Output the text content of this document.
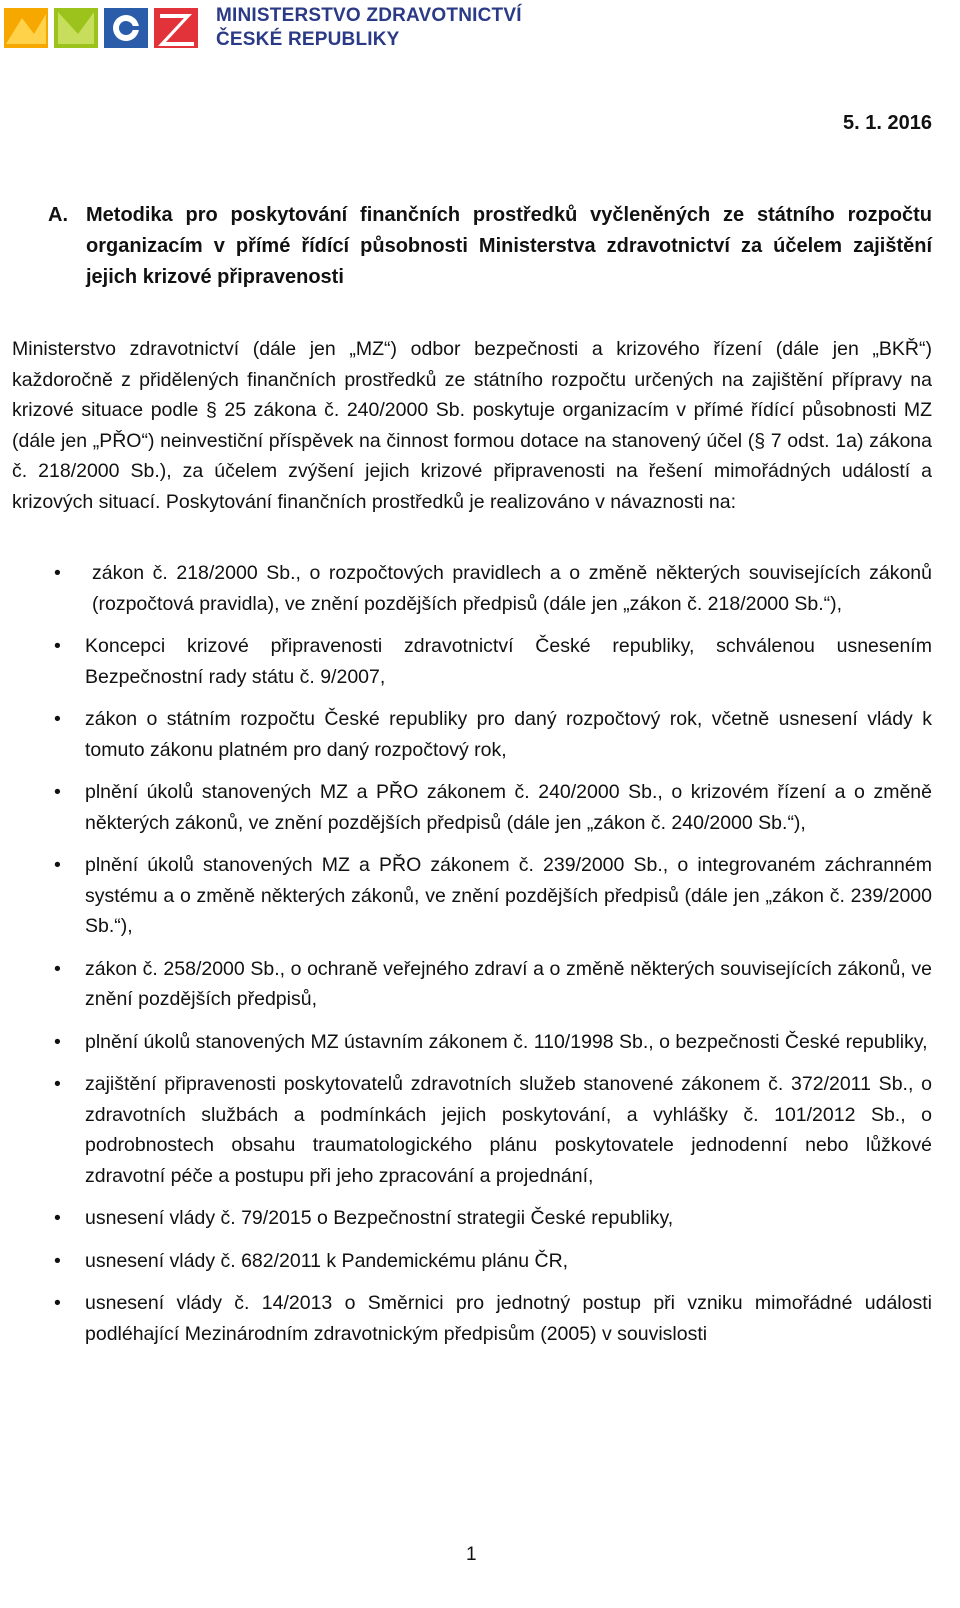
MINISTERSTVO ZDRAVOTNICTVÍ
ČESKÉ REPUBLIKY
5. 1. 2016
A. Metodika pro poskytování finančních prostředků vyčleněných ze státního rozpočtu organizacím v přímé řídící působnosti Ministerstva zdravotnictví za účelem zajištění jejich krizové připravenosti
Ministerstvo zdravotnictví (dále jen „MZ“) odbor bezpečnosti a krizového řízení (dále jen „BKŘ“) každoročně z přidělených finančních prostředků ze státního rozpočtu určených na zajištění přípravy na krizové situace podle § 25 zákona č. 240/2000 Sb. poskytuje organizacím v přímé řídící působnosti MZ (dále jen „PŘO“) neinvestiční příspěvek na činnost formou dotace na stanovený účel (§ 7 odst. 1a) zákona č. 218/2000 Sb.), za účelem zvýšení jejich krizové připravenosti na řešení mimořádných událostí a krizových situací. Poskytování finančních prostředků je realizováno v návaznosti na:
• zákon č. 218/2000 Sb., o rozpočtových pravidlech a o změně některých souvisejících zákonů (rozpočtová pravidla), ve znění pozdějších předpisů (dále jen „zákon č. 218/2000 Sb.“),
• Koncepci krizové připravenosti zdravotnictví České republiky, schválenou usnesením Bezpečnostní rady státu č. 9/2007,
• zákon o státním rozpočtu České republiky pro daný rozpočtový rok, včetně usnesení vlády k tomuto zákonu platném pro daný rozpočtový rok,
• plnění úkolů stanovených MZ a PŘO zákonem č. 240/2000 Sb., o krizovém řízení a o změně některých zákonů, ve znění pozdějších předpisů (dále jen „zákon č. 240/2000 Sb.“),
• plnění úkolů stanovených MZ a PŘO zákonem č. 239/2000 Sb., o integrovaném záchranném systému a o změně některých zákonů, ve znění pozdějších předpisů (dále jen „zákon č. 239/2000 Sb.“),
• zákon č. 258/2000 Sb., o ochraně veřejného zdraví a o změně některých souvisejících zákonů, ve znění pozdějších předpisů,
• plnění úkolů stanovených MZ ústavním zákonem č. 110/1998 Sb., o bezpečnosti České republiky,
• zajištění připravenosti poskytovatelů zdravotních služeb stanovené zákonem č. 372/2011 Sb., o zdravotních službách a podmínkách jejich poskytování, a vyhlášky č. 101/2012 Sb., o podrobnostech obsahu traumatologického plánu poskytovatele jednodenní nebo lůžkové zdravotní péče a postupu při jeho zpracování a projednání,
• usnesení vlády č. 79/2015 o Bezpečnostní strategii České republiky,
• usnesení vlády č. 682/2011 k Pandemickému plánu ČR,
• usnesení vlády č. 14/2013 o Směrnici pro jednotný postup při vzniku mimořádné události podléhající Mezinárodním zdravotnickým předpisům (2005) v souvislosti
1
